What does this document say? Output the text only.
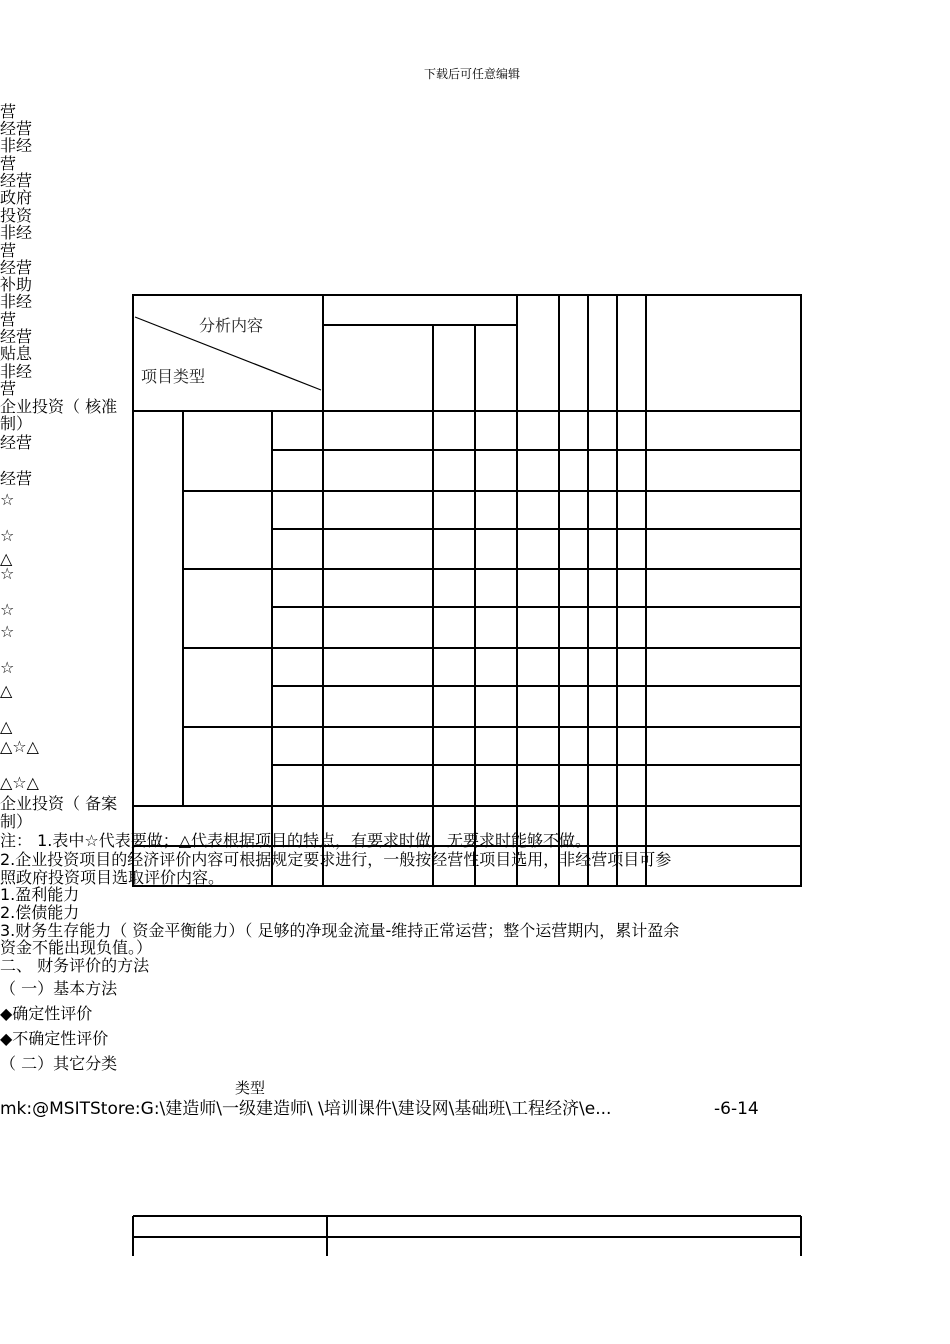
下载后可任意编辑
分析内容
项目类型
营
经营
非经
营
经营
政府
投资
非经
营
经营
补助
非经
营
经营
贴息
非经
营
企业投资（ 核准
制）
经营
经营
☆
☆
△
☆
☆
☆
☆
△
△
△☆△
△☆△
企业投资（ 备案
制）
注： 1.表中☆代表要做；△代表根据项目的特点，有要求时做，无要求时能够不做。
2.企业投资项目的经济评价内容可根据规定要求进行，一般按经营性项目选用，非经营项目可参
照政府投资项目选取评价内容。
1.盈利能力
2.偿债能力
3.财务生存能力（ 资金平衡能力）（ 足够的净现金流量-维持正常运营；整个运营期内，累计盈余
资金不能出现负值。）
二、 财务评价的方法
（ 一）基本方法
◆确定性评价
◆不确定性评价
（ 二）其它分类
类型
mk:@MSITStore:G:\建造师\一级建造师\ \培训课件\建设网\基础班\工程经济\e...	-6-14
